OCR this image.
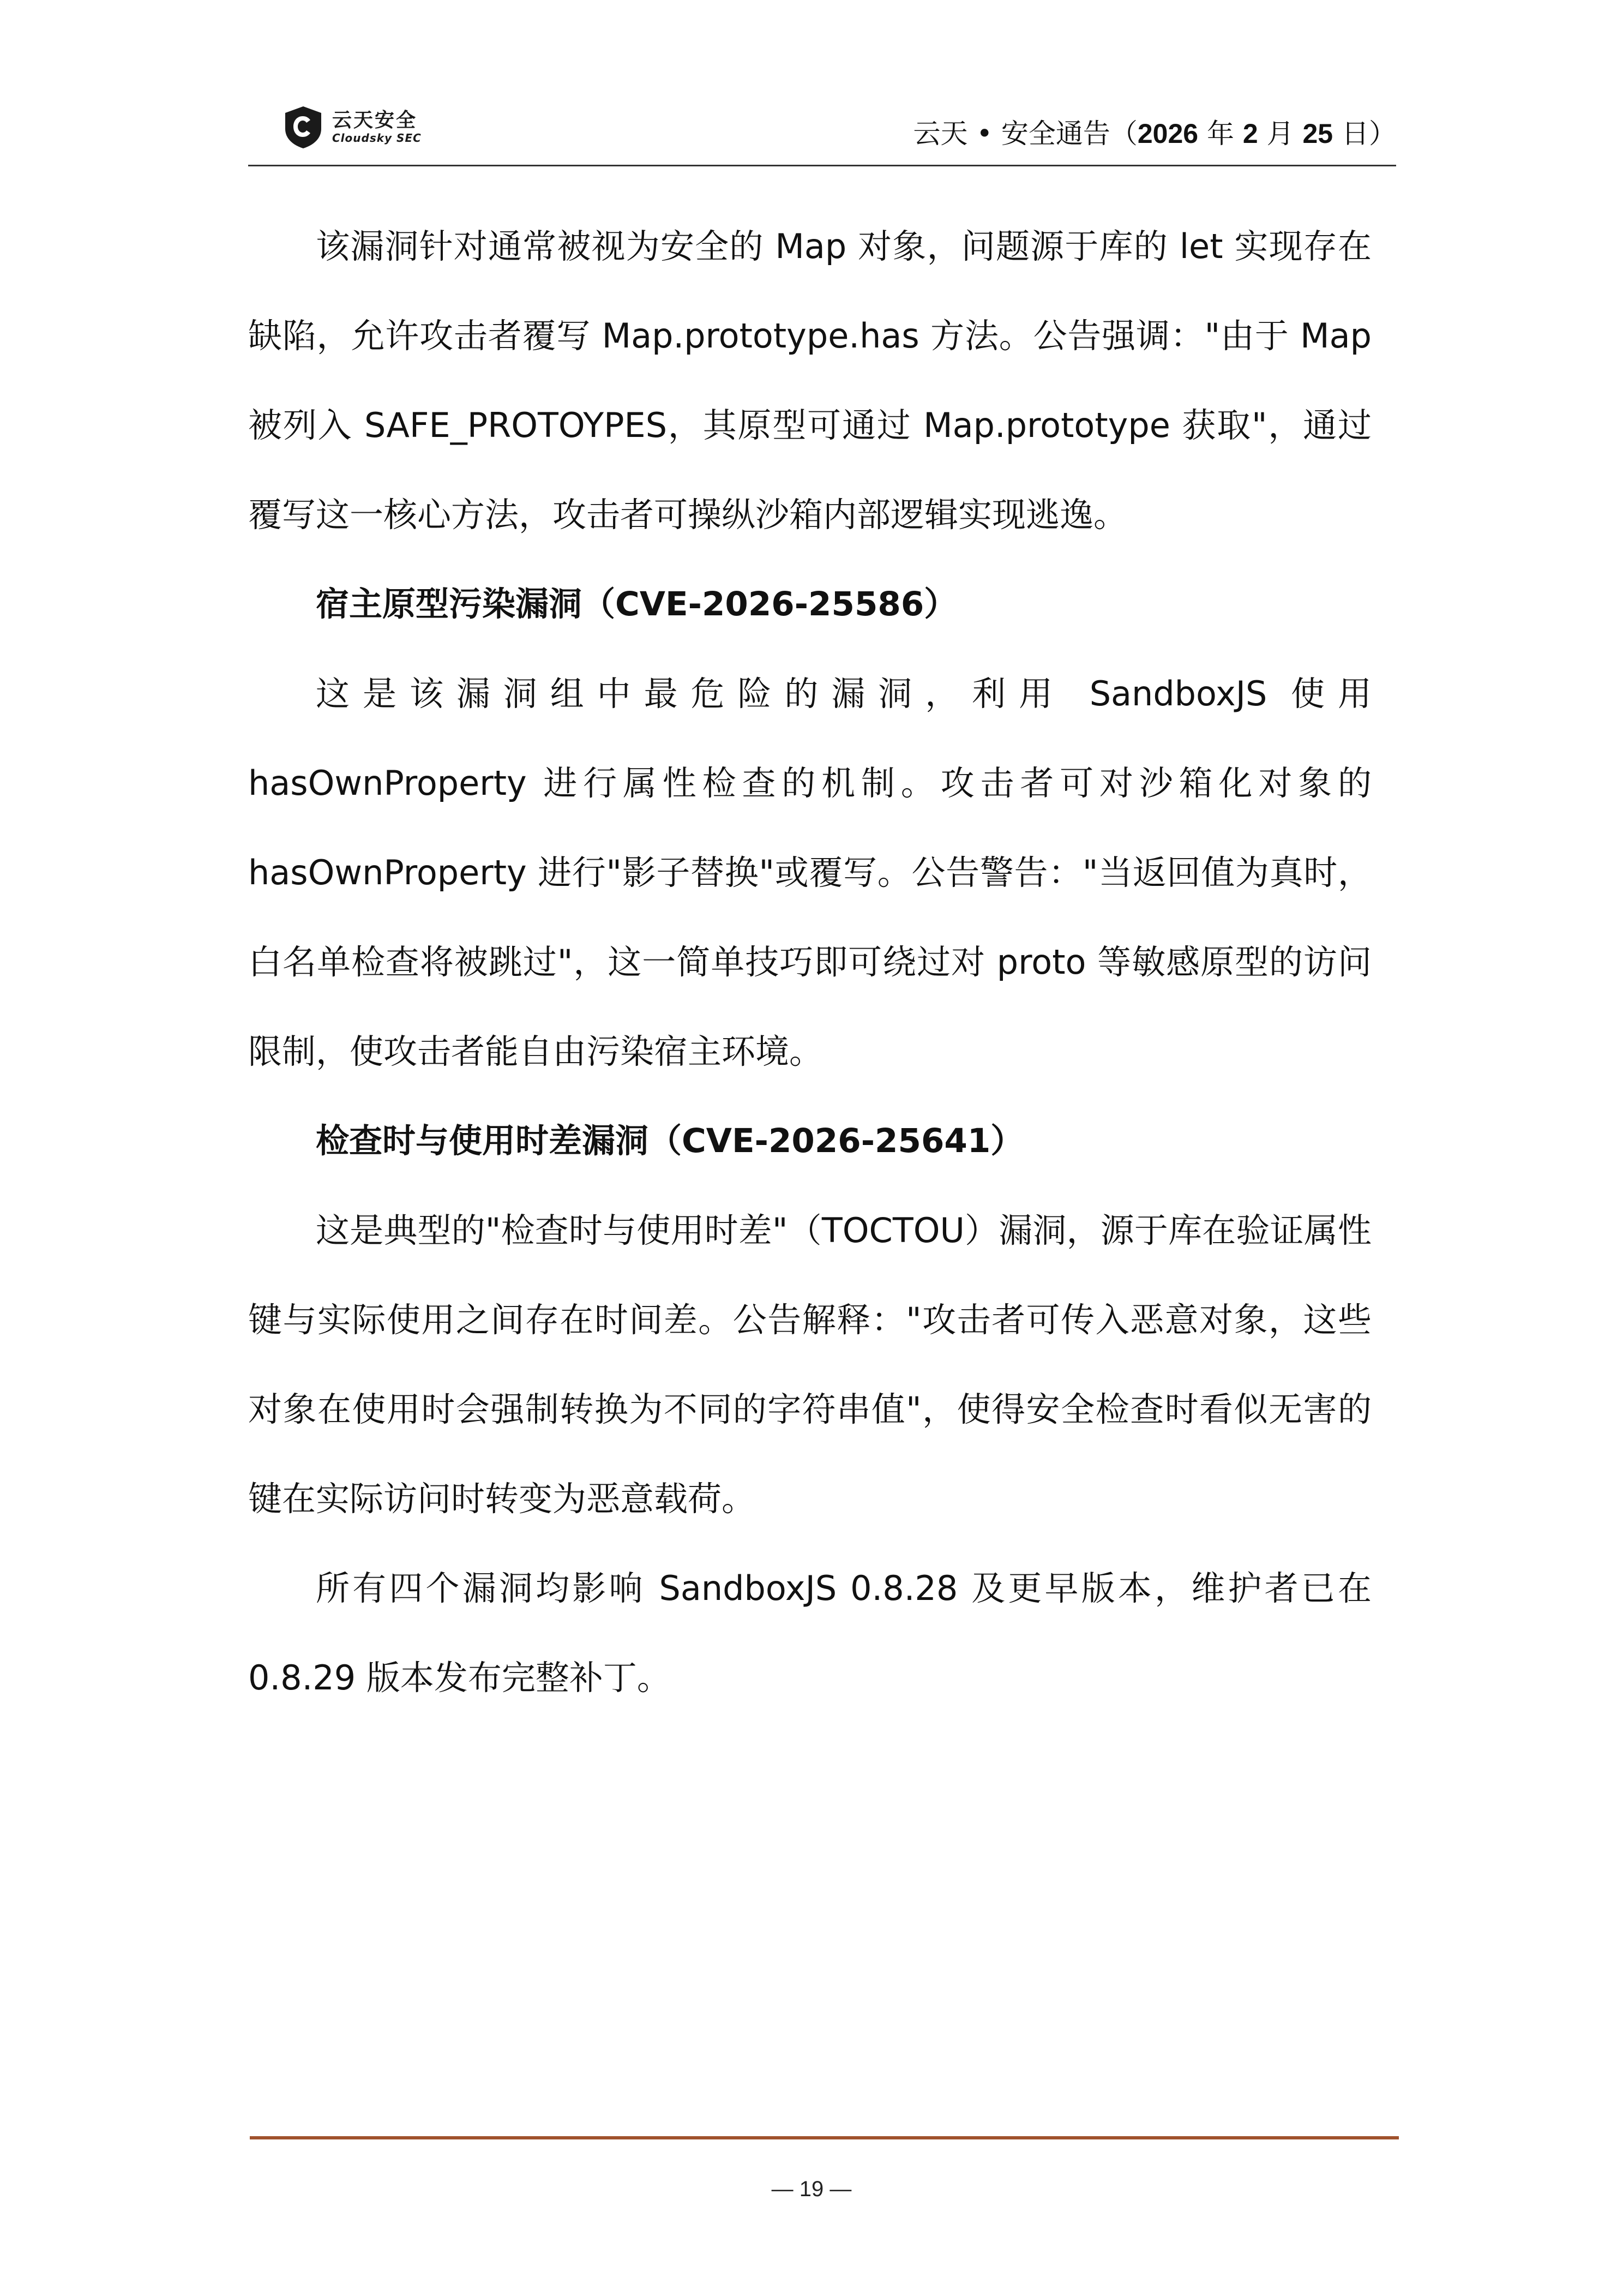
云天安全
Cloudsky SEC	云天 • 安全通告（2026 年 2 月 25 日）

该漏洞针对通常被视为安全的 Map 对象，问题源于库的 let 实现存在缺陷，允许攻击者覆写 Map.prototype.has 方法。公告强调："由于 Map 被列入 SAFE_PROTOYPES，其原型可通过 Map.prototype 获取"，通过覆写这一核心方法，攻击者可操纵沙箱内部逻辑实现逃逸。

宿主原型污染漏洞（CVE-2026-25586）

这是该漏洞组中最危险的漏洞，利用 SandboxJS 使用 hasOwnProperty 进行属性检查的机制。攻击者可对沙箱化对象的 hasOwnProperty 进行"影子替换"或覆写。公告警告："当返回值为真时，白名单检查将被跳过"，这一简单技巧即可绕过对 proto 等敏感原型的访问限制，使攻击者能自由污染宿主环境。

检查时与使用时差漏洞（CVE-2026-25641）

这是典型的"检查时与使用时差"（TOCTOU）漏洞，源于库在验证属性键与实际使用之间存在时间差。公告解释："攻击者可传入恶意对象，这些对象在使用时会强制转换为不同的字符串值"，使得安全检查时看似无害的键在实际访问时转变为恶意载荷。

所有四个漏洞均影响 SandboxJS 0.8.28 及更早版本，维护者已在 0.8.29 版本发布完整补丁。

— 19 —
